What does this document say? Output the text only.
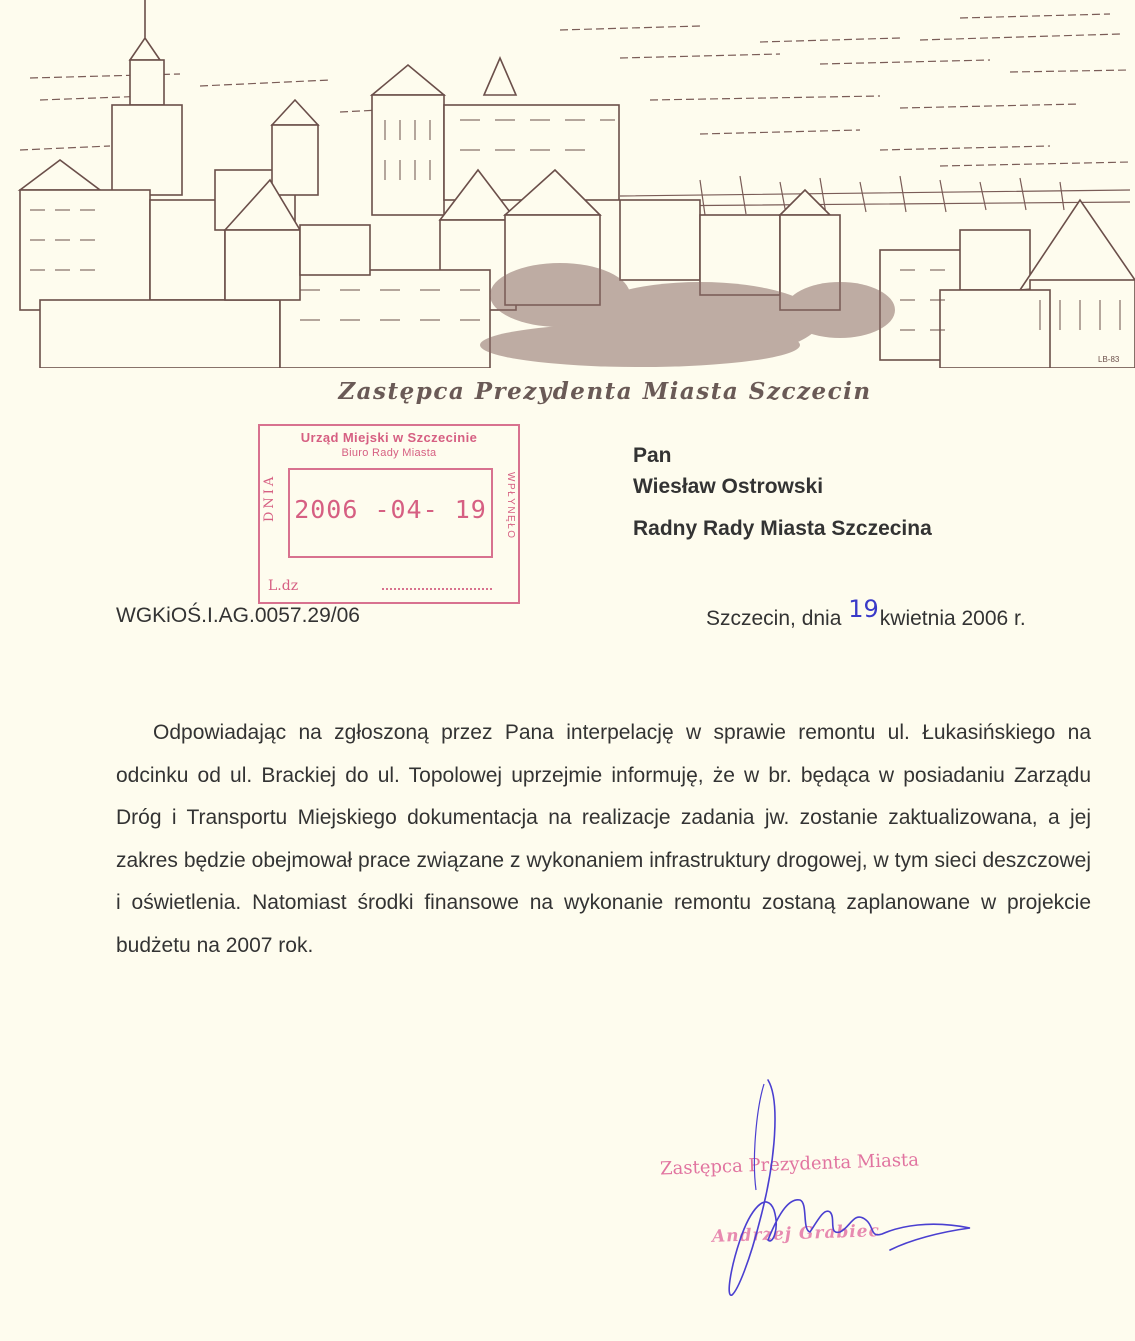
LB-83
Zastępca Prezydenta Miasta Szczecin
Urząd Miejski w Szczecinie
Biuro Rady Miasta
DNIA 2006 -04- 19	WPŁYNĘŁO
L.dz
Pan
Wiesław Ostrowski
Radny Rady Miasta Szczecina
WGKiOŚ.I.AG.0057.29/06	Szczecin, dnia 19kwietnia 2006 r.
Odpowiadając na zgłoszoną przez Pana interpelację w sprawie remontu ul. Łukasińskiego na odcinku od ul. Brackiej do ul. Topolowej uprzejmie informuję, że w br. będąca w posiadaniu Zarządu Dróg i Transportu Miejskiego dokumentacja na realizacje zadania jw. zostanie zaktualizowana, a jej zakres będzie obejmował prace związane z wykonaniem infrastruktury drogowej, w tym sieci deszczowej i oświetlenia. Natomiast środki finansowe na wykonanie remontu zostaną zaplanowane w projekcie budżetu na 2007 rok.
Zastępca Prezydenta Miasta
Andrzej Grabiec
